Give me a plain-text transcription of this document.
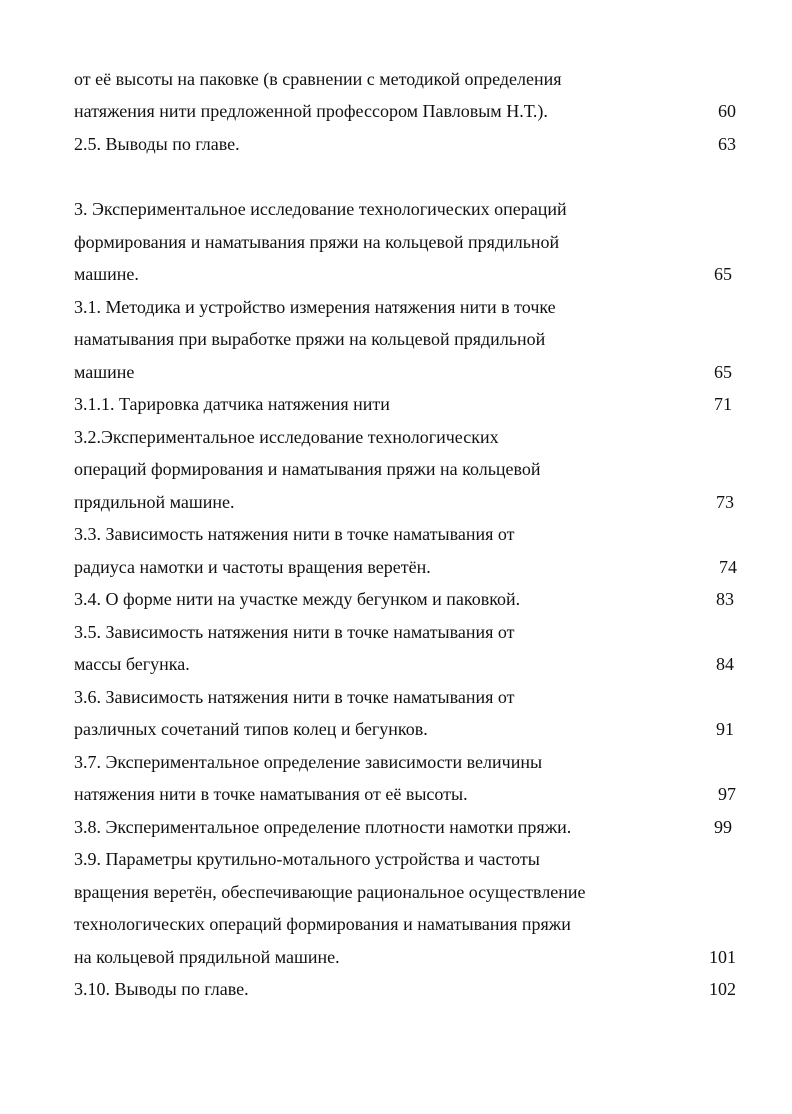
от её высоты на паковке (в сравнении с методикой определения
натяжения нити предложенной профессором Павловым Н.Т.).
2.5. Выводы по главе.
3. Экспериментальное исследование технологических операций
формирования и наматывания пряжи на кольцевой прядильной
машине.
3.1. Методика и устройство измерения натяжения нити в точке
наматывания при выработке пряжи на кольцевой прядильной
машине
3.1.1. Тарировка датчика натяжения нити
3.2.Экспериментальное исследование технологических
операций формирования и наматывания пряжи на кольцевой
прядильной машине.
3.3. Зависимость натяжения нити в точке наматывания от
радиуса намотки и частоты вращения веретён.
3.4. О форме нити на участке между бегунком и паковкой.
3.5. Зависимость натяжения нити в точке наматывания от
массы бегунка.
3.6. Зависимость натяжения нити в точке наматывания от
различных сочетаний типов колец и бегунков.
3.7. Экспериментальное определение зависимости величины
натяжения нити в точке наматывания от её высоты.
3.8. Экспериментальное определение плотности намотки пряжи.
3.9. Параметры крутильно-мотального устройства и частоты
вращения веретён, обеспечивающие рациональное осуществление
технологических операций формирования и наматывания пряжи
на кольцевой прядильной машине.
3.10. Выводы по главе.
60
63
65
65
71
73
74
83
84
91
97
99
101
102
